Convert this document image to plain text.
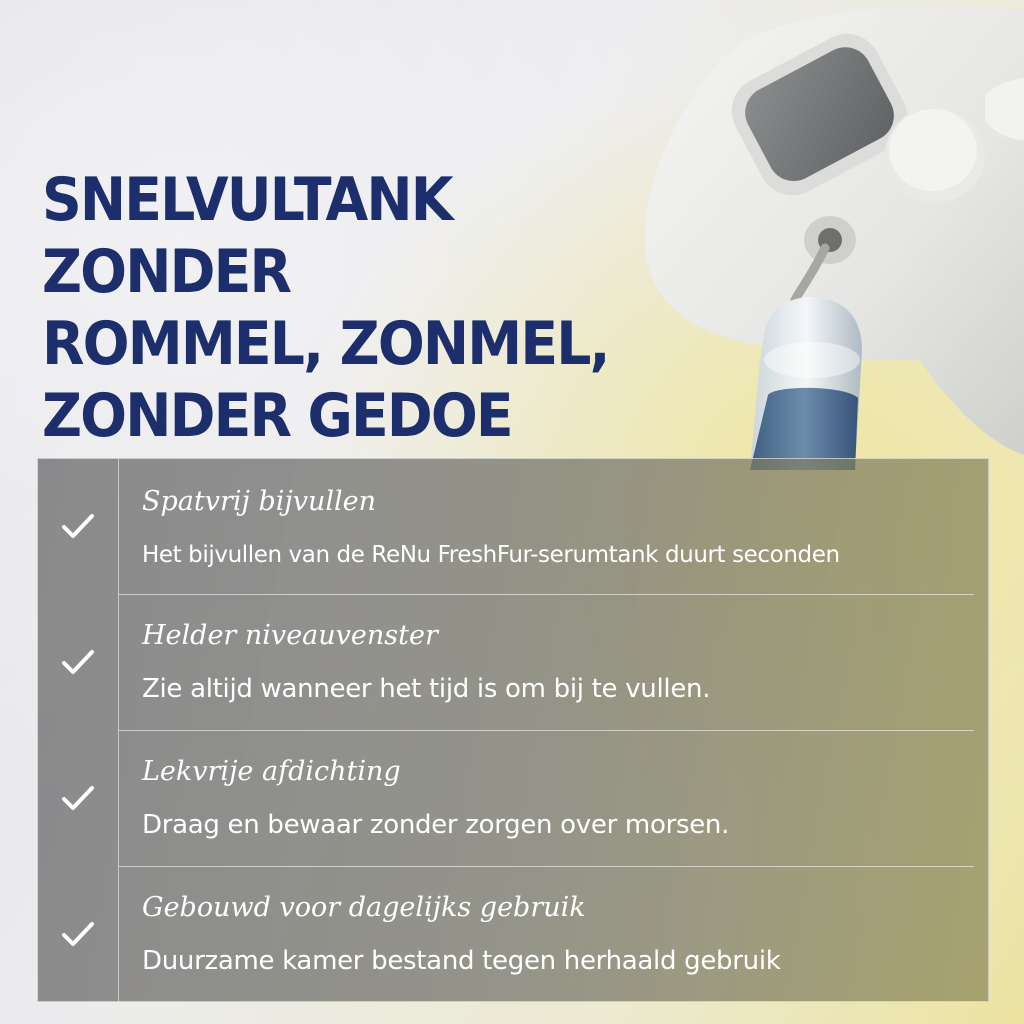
SNELVULTANK ZONDER
ROMMEL, ZONMEL,
ZONDER GEDOE

Spatvrij bijvullen

Het bijvullen van de ReNu FreshFur-serumtank duurt seconden

Helder niveauvenster

Zie altijd wanneer het tijd is om bij te vullen.

Lekvrije afdichting

Draag en bewaar zonder zorgen over morsen.

Gebouwd voor dagelijks gebruik

Duurzame kamer bestand tegen herhaald gebruik
